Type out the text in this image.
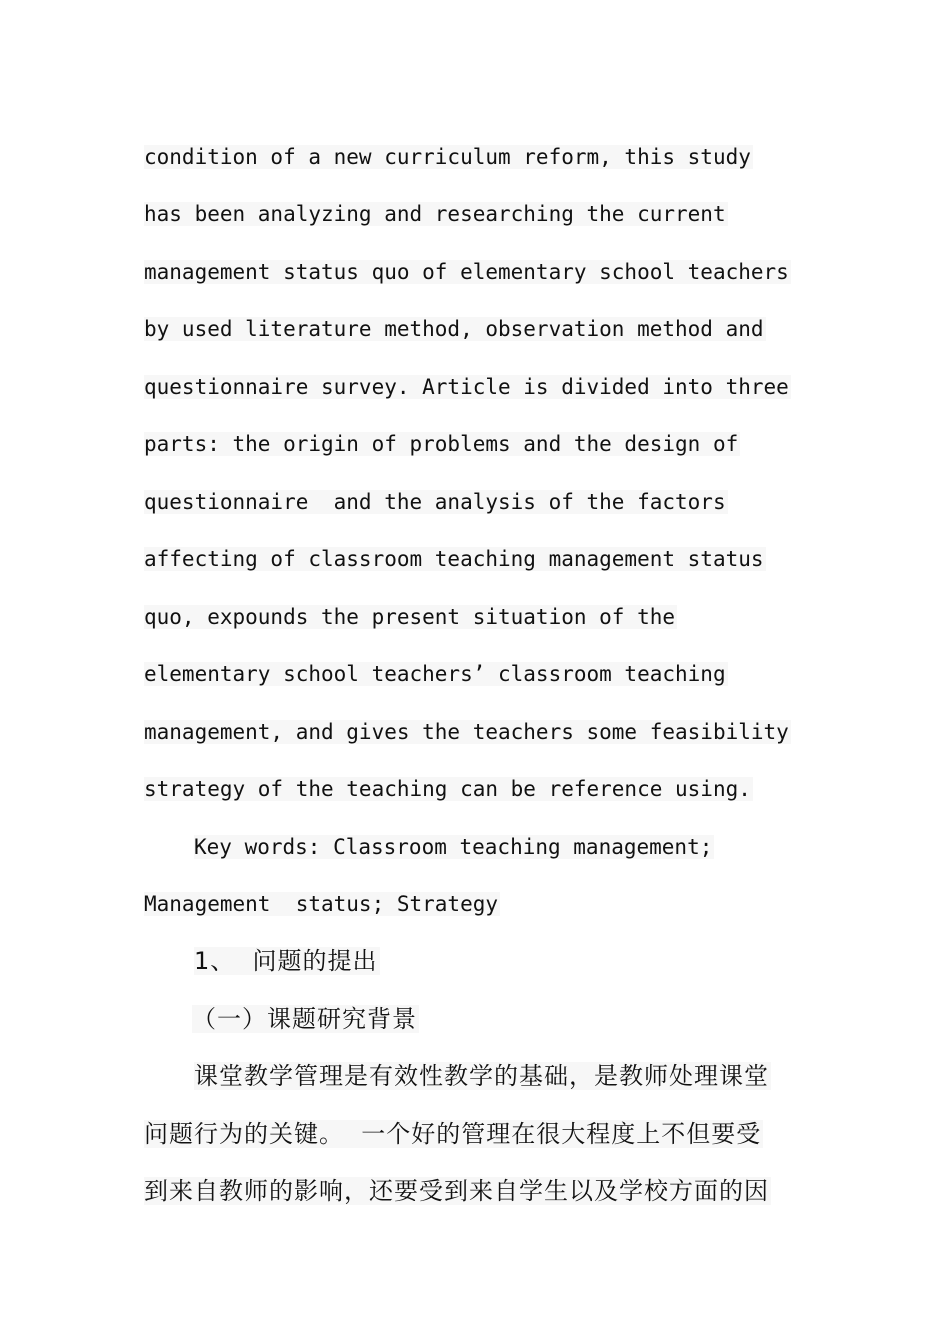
condition of a new curriculum reform, this study
has been analyzing and researching the current
management status quo of elementary school teachers
by used literature method, observation method and
questionnaire survey. Article is divided into three
parts: the origin of problems and the design of
questionnaire  and the analysis of the factors
affecting of classroom teaching management status
quo, expounds the present situation of the
elementary school teachers’ classroom teaching
management, and gives the teachers some feasibility
strategy of the teaching can be reference using.
Key words: Classroom teaching management;
Management  status; Strategy
1、  问题的提出
（一）课题研究背景
课堂教学管理是有效性教学的基础，是教师处理课堂
问题行为的关键。  一个好的管理在很大程度上不但要受
到来自教师的影响，还要受到来自学生以及学校方面的因
